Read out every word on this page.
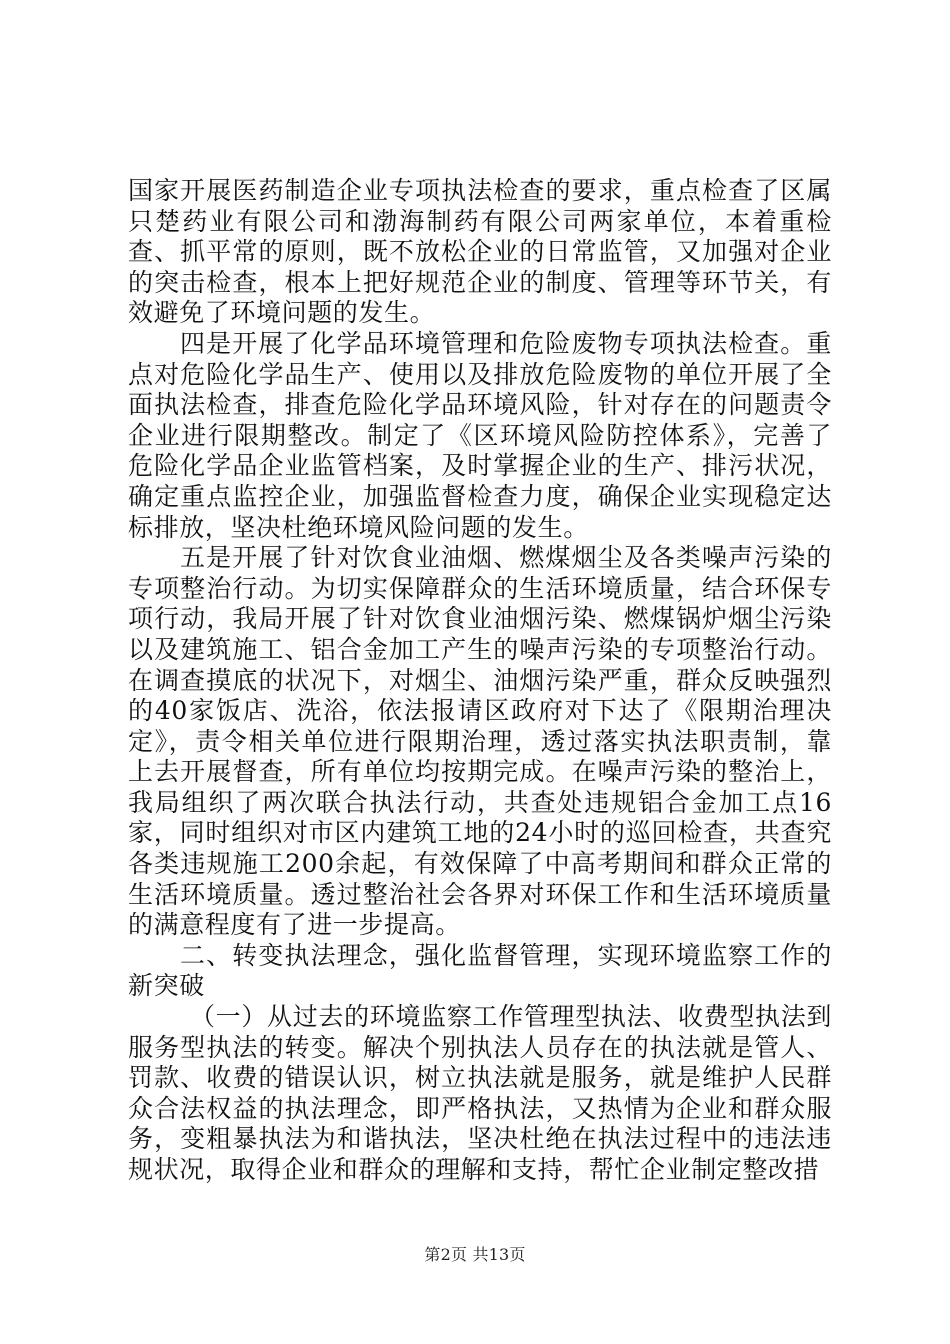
国家开展医药制造企业专项执法检查的要求，重点检查了区属只楚药业有限公司和渤海制药有限公司两家单位，本着重检查、抓平常的原则，既不放松企业的日常监管，又加强对企业的突击检查，根本上把好规范企业的制度、管理等环节关，有效避免了环境问题的发生。

四是开展了化学品环境管理和危险废物专项执法检查。重点对危险化学品生产、使用以及排放危险废物的单位开展了全面执法检查，排查危险化学品环境风险，针对存在的问题责令企业进行限期整改。制定了《区环境风险防控体系》，完善了危险化学品企业监管档案，及时掌握企业的生产、排污状况，确定重点监控企业，加强监督检查力度，确保企业实现稳定达标排放，坚决杜绝环境风险问题的发生。

五是开展了针对饮食业油烟、燃煤烟尘及各类噪声污染的专项整治行动。为切实保障群众的生活环境质量，结合环保专项行动，我局开展了针对饮食业油烟污染、燃煤锅炉烟尘污染以及建筑施工、铝合金加工产生的噪声污染的专项整治行动。在调查摸底的状况下，对烟尘、油烟污染严重，群众反映强烈的40家饭店、洗浴，依法报请区政府对下达了《限期治理决定》，责令相关单位进行限期治理，透过落实执法职责制，靠上去开展督查，所有单位均按期完成。在噪声污染的整治上，我局组织了两次联合执法行动，共查处违规铝合金加工点16家，同时组织对市区内建筑工地的24小时的巡回检查，共查究各类违规施工200余起，有效保障了中高考期间和群众正常的生活环境质量。透过整治社会各界对环保工作和生活环境质量的满意程度有了进一步提高。

二、转变执法理念，强化监督管理，实现环境监察工作的新突破

（一）从过去的环境监察工作管理型执法、收费型执法到服务型执法的转变。解决个别执法人员存在的执法就是管人、罚款、收费的错误认识，树立执法就是服务，就是维护人民群众合法权益的执法理念，即严格执法，又热情为企业和群众服务，变粗暴执法为和谐执法，坚决杜绝在执法过程中的违法违规状况，取得企业和群众的理解和支持，帮忙企业制定整改措

第2页 共13页
